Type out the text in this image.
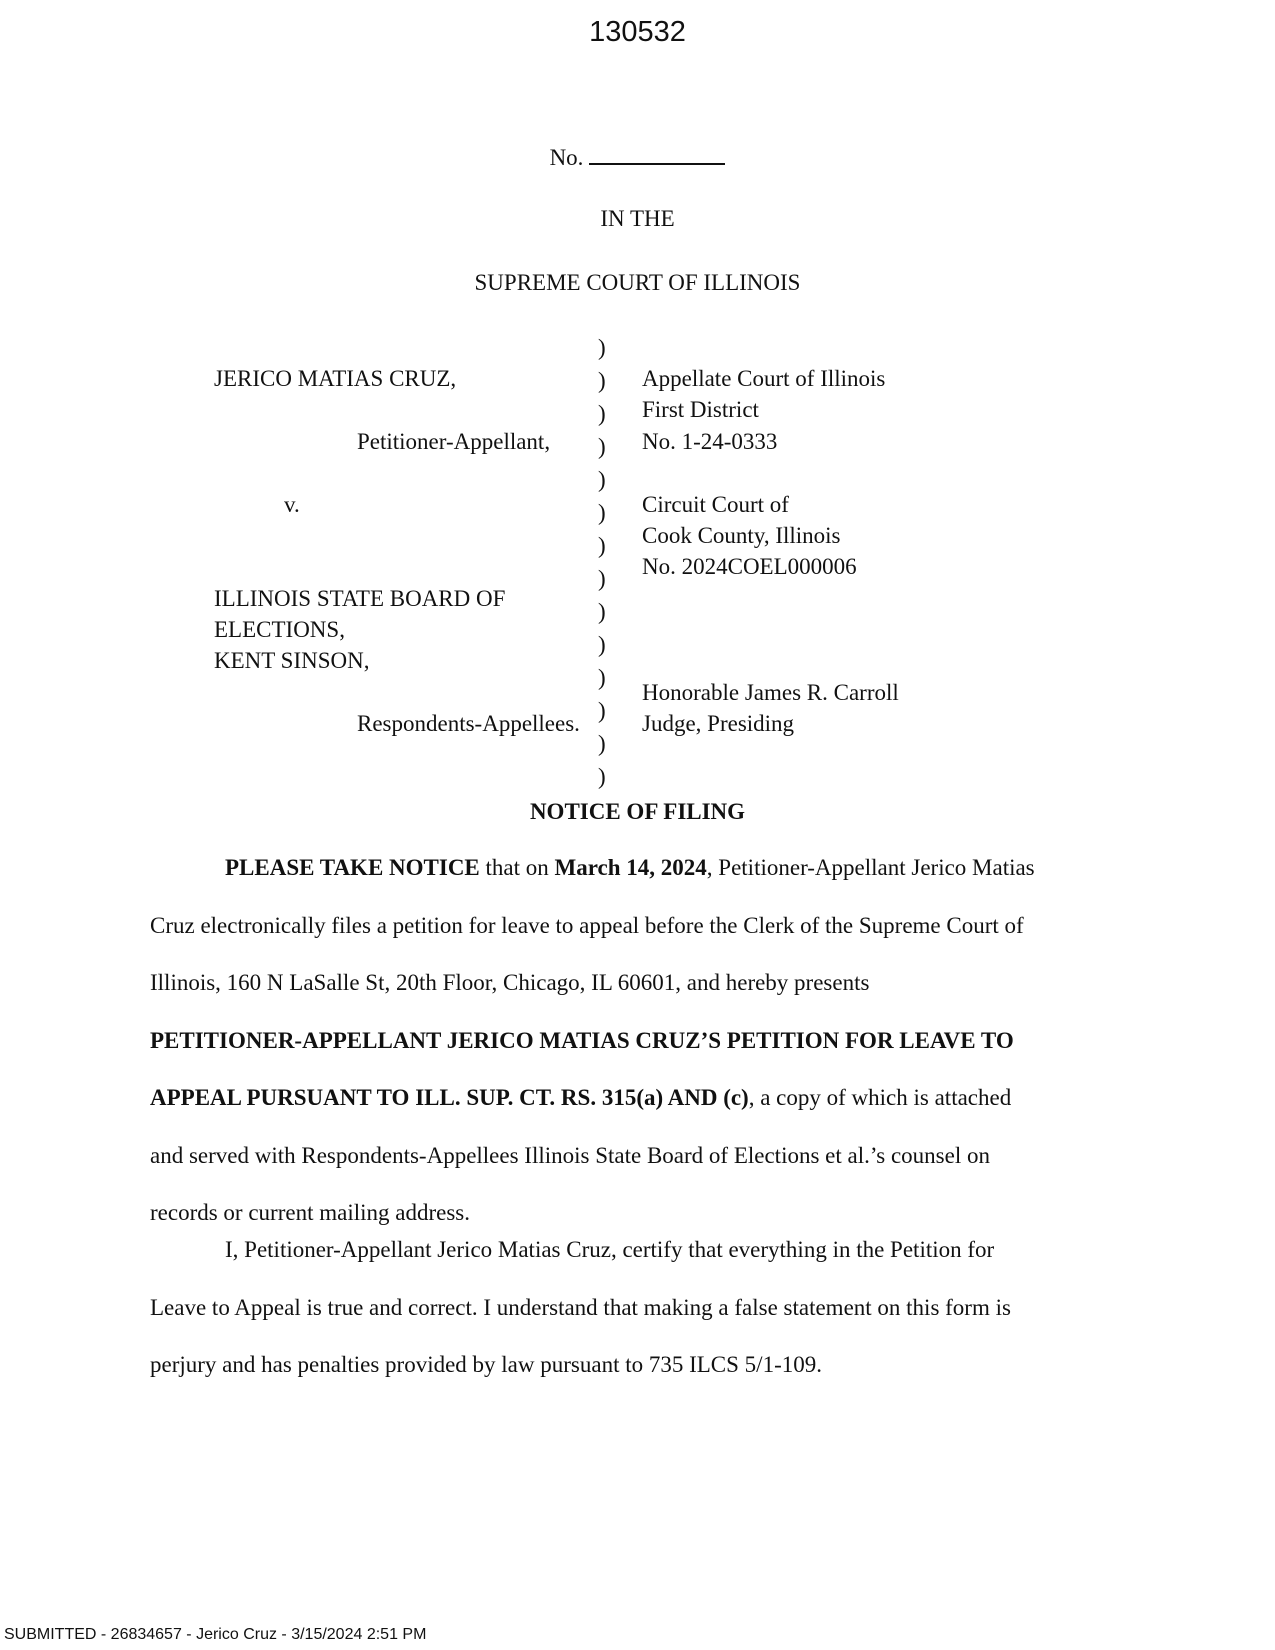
130532
No.
IN THE
SUPREME COURT OF ILLINOIS
JERICO MATIAS CRUZ,
Petitioner-Appellant,
v.
ILLINOIS STATE BOARD OF
ELECTIONS,
KENT SINSON,
Respondents-Appellees.
)
)
)
)
)
)
)
)
)
)
)
)
)
)
Appellate Court of Illinois
First District
No. 1-24-0333
Circuit Court of
Cook County, Illinois
No. 2024COEL000006
Honorable James R. Carroll
Judge, Presiding
NOTICE OF FILING
PLEASE TAKE NOTICE that on March 14, 2024, Petitioner-Appellant Jerico Matias
Cruz electronically files a petition for leave to appeal before the Clerk of the Supreme Court of
Illinois, 160 N LaSalle St, 20th Floor, Chicago, IL 60601, and hereby presents
PETITIONER-APPELLANT JERICO MATIAS CRUZ’S PETITION FOR LEAVE TO
APPEAL PURSUANT TO ILL. SUP. CT. RS. 315(a) AND (c), a copy of which is attached
and served with Respondents-Appellees Illinois State Board of Elections et al.’s counsel on
records or current mailing address.
I, Petitioner-Appellant Jerico Matias Cruz, certify that everything in the Petition for
Leave to Appeal is true and correct. I understand that making a false statement on this form is
perjury and has penalties provided by law pursuant to 735 ILCS 5/1-109.
SUBMITTED - 26834657 - Jerico Cruz - 3/15/2024 2:51 PM
